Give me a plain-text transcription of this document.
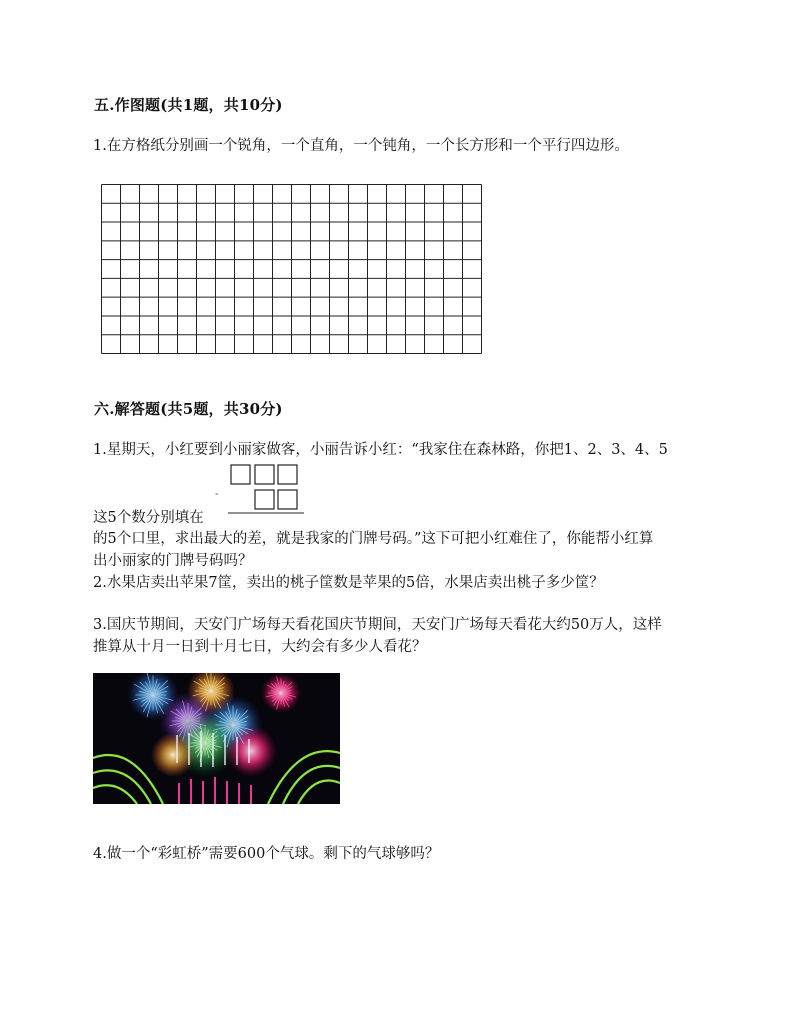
五.作图题(共1题，共10分)
1.在方格纸分别画一个锐角，一个直角，一个钝角，一个长方形和一个平行四边形。
六.解答题(共5题，共30分)
1.星期天，小红要到小丽家做客，小丽告诉小红：“我家住在森林路，你把1、2、3、4、5
-
这5个数分别填在
的5个口里，求出最大的差，就是我家的门牌号码。”这下可把小红难住了，你能帮小红算
出小丽家的门牌号码吗？
2.水果店卖出苹果7筐，卖出的桃子筐数是苹果的5倍，水果店卖出桃子多少筐？
3.国庆节期间，天安门广场每天看花国庆节期间，天安门广场每天看花大约50万人，这样
推算从十月一日到十月七日，大约会有多少人看花？
4.做一个“彩虹桥”需要600个气球。剩下的气球够吗？
